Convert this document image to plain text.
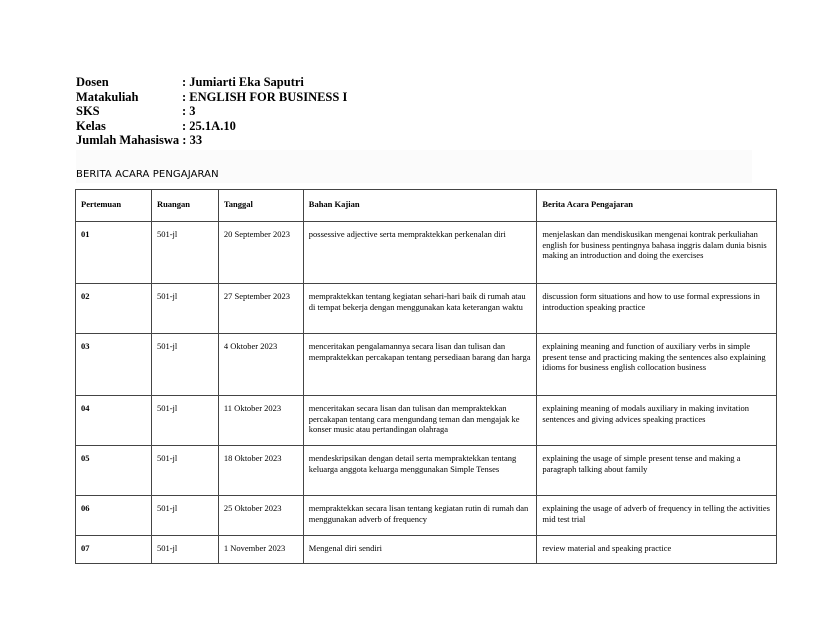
Dosen	: Jumiarti Eka Saputri
Matakuliah	: ENGLISH FOR BUSINESS I
SKS	: 3
Kelas	: 25.1A.10
Jumlah Mahasiswa
: 33
BERITA ACARA PENGAJARAN
Pertemuan	Ruangan	Tanggal	Bahan Kajian	Berita Acara Pengajaran
01	501-jl	20 September 2023	possessive adjective serta mempraktekkan perkenalan diri	menjelaskan dan mendiskusikan mengenai kontrak perkuliahan english for business pentingnya bahasa inggris dalam dunia bisnis making an introduction and doing the exercises
02	501-jl	27 September 2023	mempraktekkan tentang kegiatan sehari-hari baik di rumah atau di tempat bekerja dengan menggunakan kata keterangan waktu	discussion form situations and how to use formal expressions in introduction speaking practice
03	501-jl	4 Oktober 2023	menceritakan pengalamannya secara lisan dan tulisan dan mempraktekkan percakapan tentang persediaan barang dan harga	explaining meaning and function of auxiliary verbs in simple present tense and practicing making the sentences also explaining idioms for business english collocation business
04	501-jl	11 Oktober 2023	menceritakan secara lisan dan tulisan dan mempraktekkan percakapan tentang cara mengundang teman dan mengajak ke konser music atau pertandingan olahraga	explaining meaning of modals auxiliary in making invitation sentences and giving advices speaking practices
05	501-jl	18 Oktober 2023	mendeskripsikan dengan detail serta mempraktekkan tentang keluarga anggota keluarga menggunakan Simple Tenses	explaining the usage of simple present tense and making a paragraph talking about family
06	501-jl	25 Oktober 2023	mempraktekkan secara lisan tentang kegiatan rutin di rumah dan menggunakan adverb of frequency	explaining the usage of adverb of frequency in telling the activities mid test trial
07	501-jl	1 November 2023	Mengenal diri sendiri	review material and speaking practice
